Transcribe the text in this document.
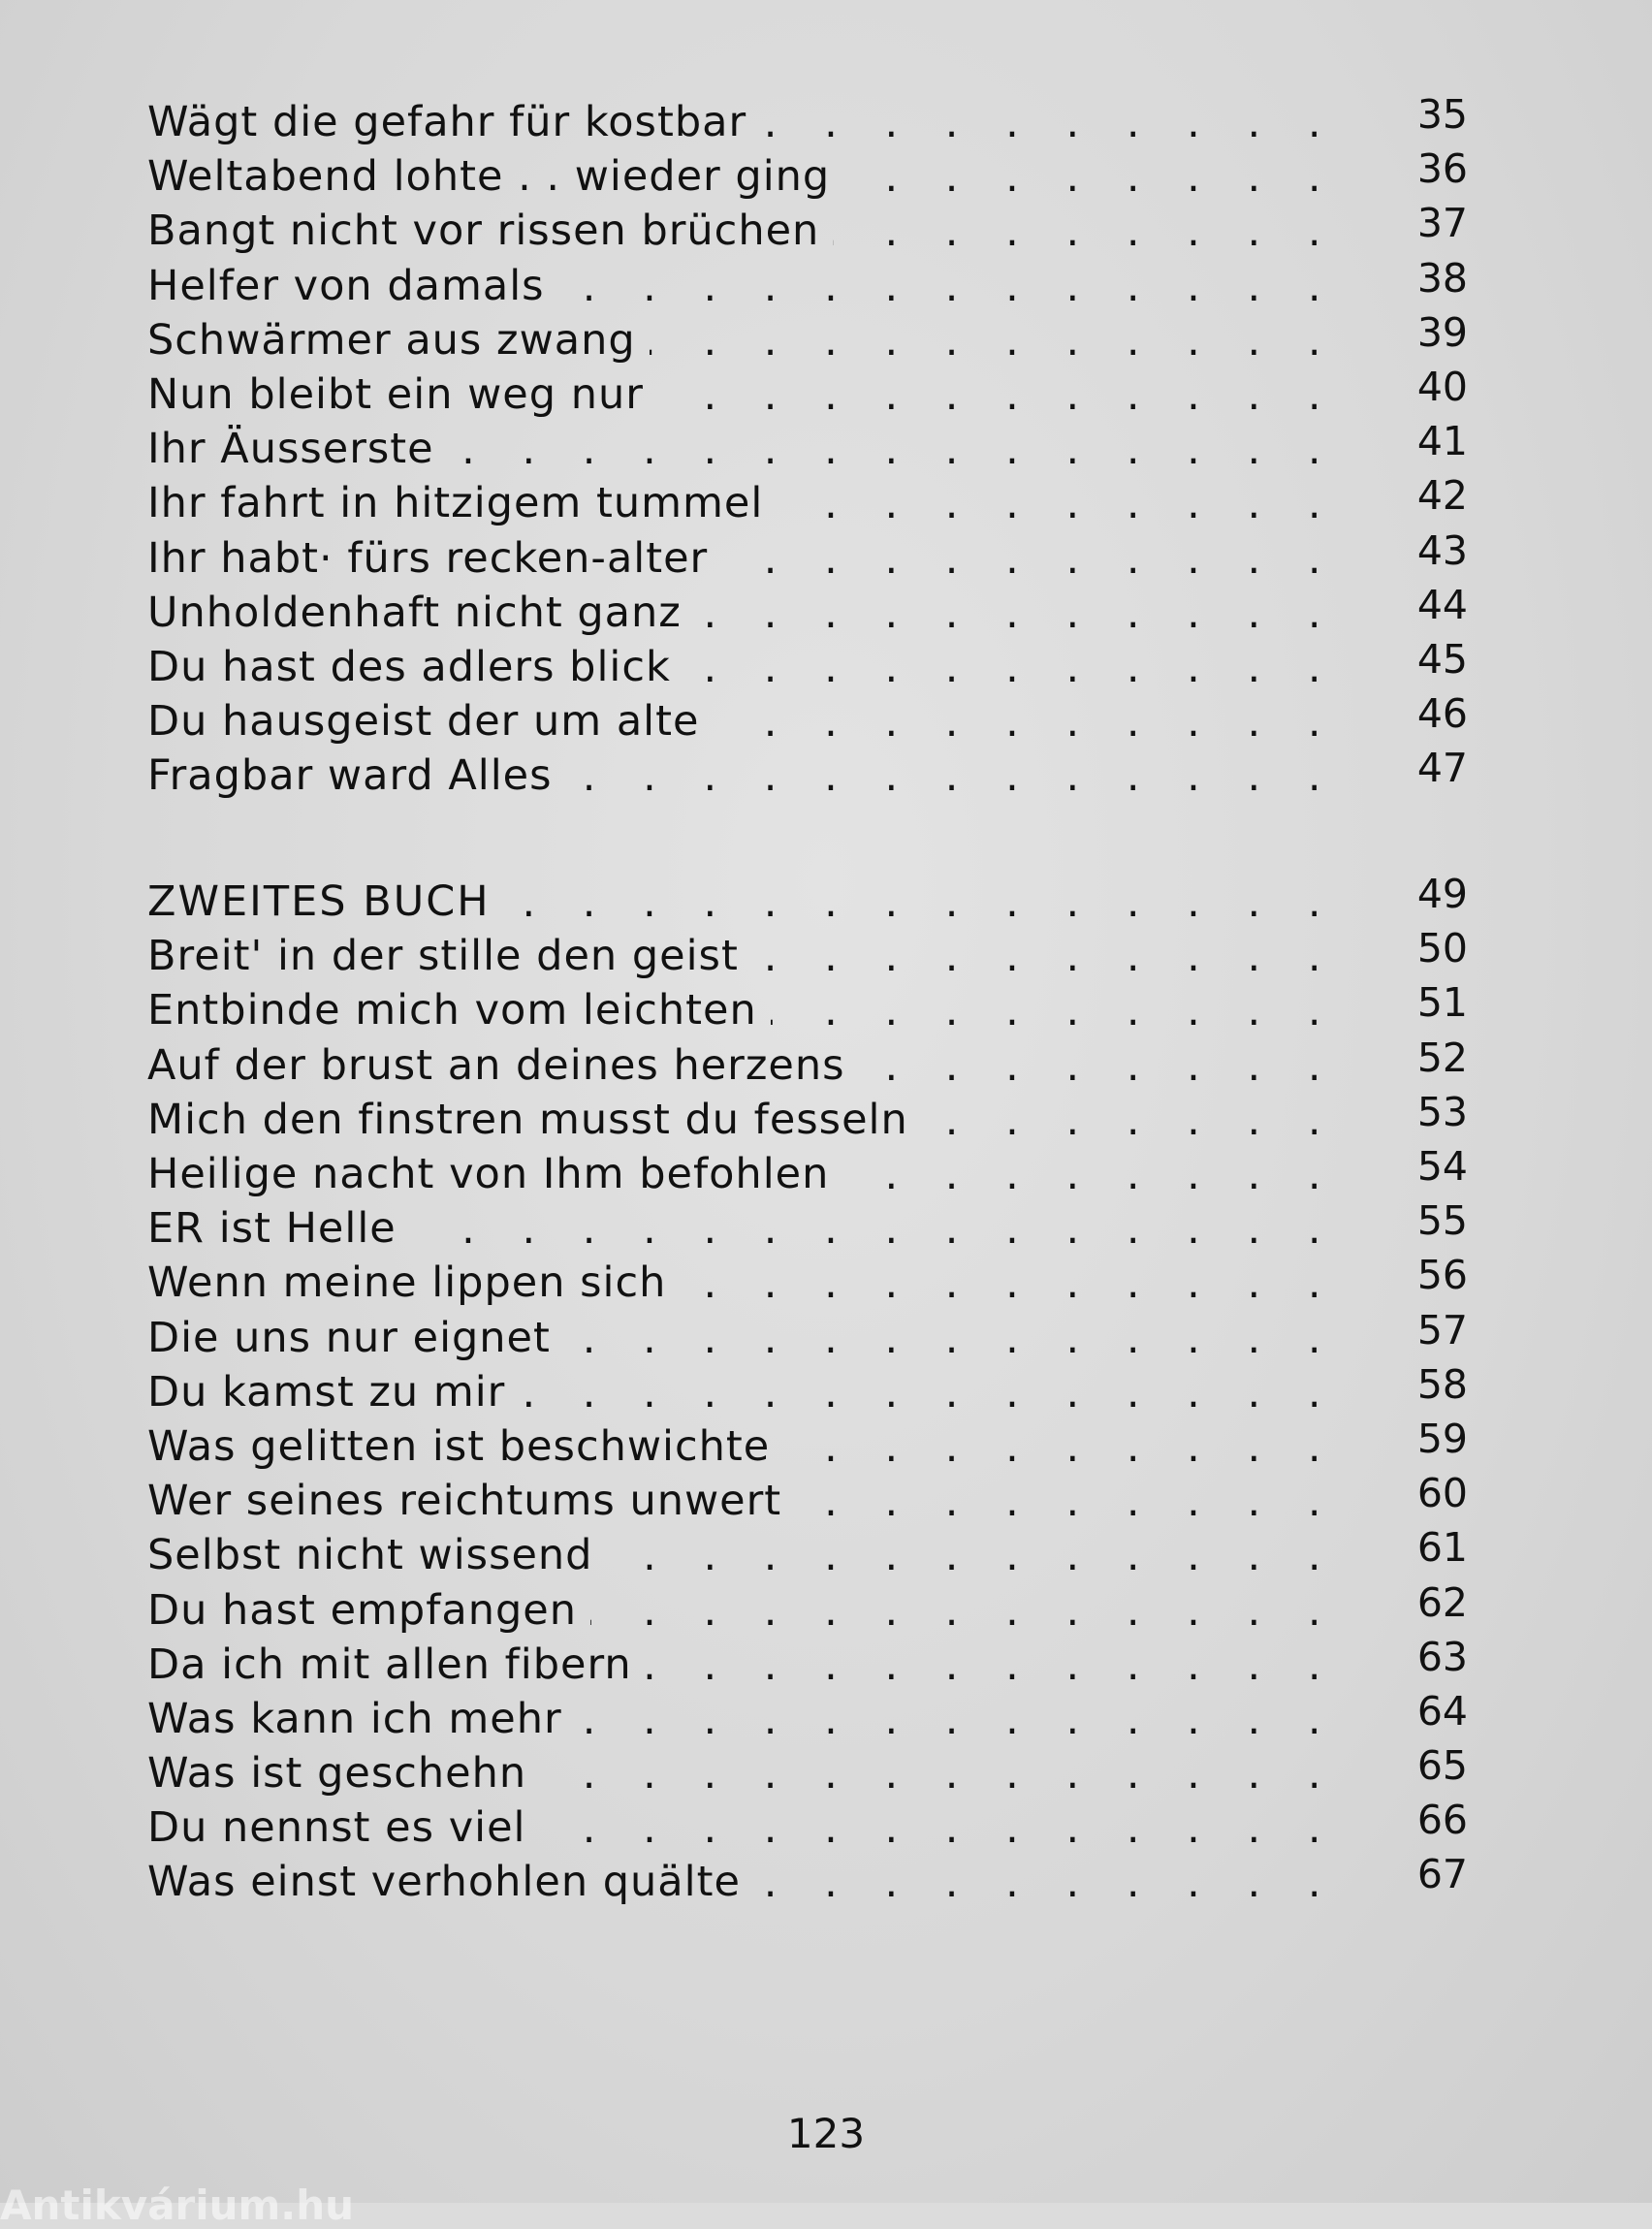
Wägt die gefahr für kostbar . . .	35
Weltabend lohte . . wieder ging . . .	36
Bangt nicht vor rissen brüchen . . .	37
Helfer von damals . . .	38
Schwärmer aus zwang . . .	39
Nun bleibt ein weg nur . . .	40
Ihr Äusserste . . .	41
Ihr fahrt in hitzigem tummel . . .	42
Ihr habt· fürs recken-alter . . .	43
Unholdenhaft nicht ganz . . .	44
Du hast des adlers blick . . .	45
Du hausgeist der um alte . . .	46
Fragbar ward Alles . . .	47
ZWEITES BUCH . . .	49
Breit' in der stille den geist . . .	50
Entbinde mich vom leichten . . .	51
Auf der brust an deines herzens . . .	52
Mich den finstren musst du fesseln . . .	53
Heilige nacht von Ihm befohlen . . .	54
ER ist Helle . . .	55
Wenn meine lippen sich . . .	56
Die uns nur eignet . . .	57
Du kamst zu mir . . .	58
Was gelitten ist beschwichte . . .	59
Wer seines reichtums unwert . . .	60
Selbst nicht wissend . . .	61
Du hast empfangen . . .	62
Da ich mit allen fibern . . .	63
Was kann ich mehr . . .	64
Was ist geschehn . . .	65
Du nennst es viel . . .	66
Was einst verhohlen quälte . . .	67
123
Antikvárium.hu
